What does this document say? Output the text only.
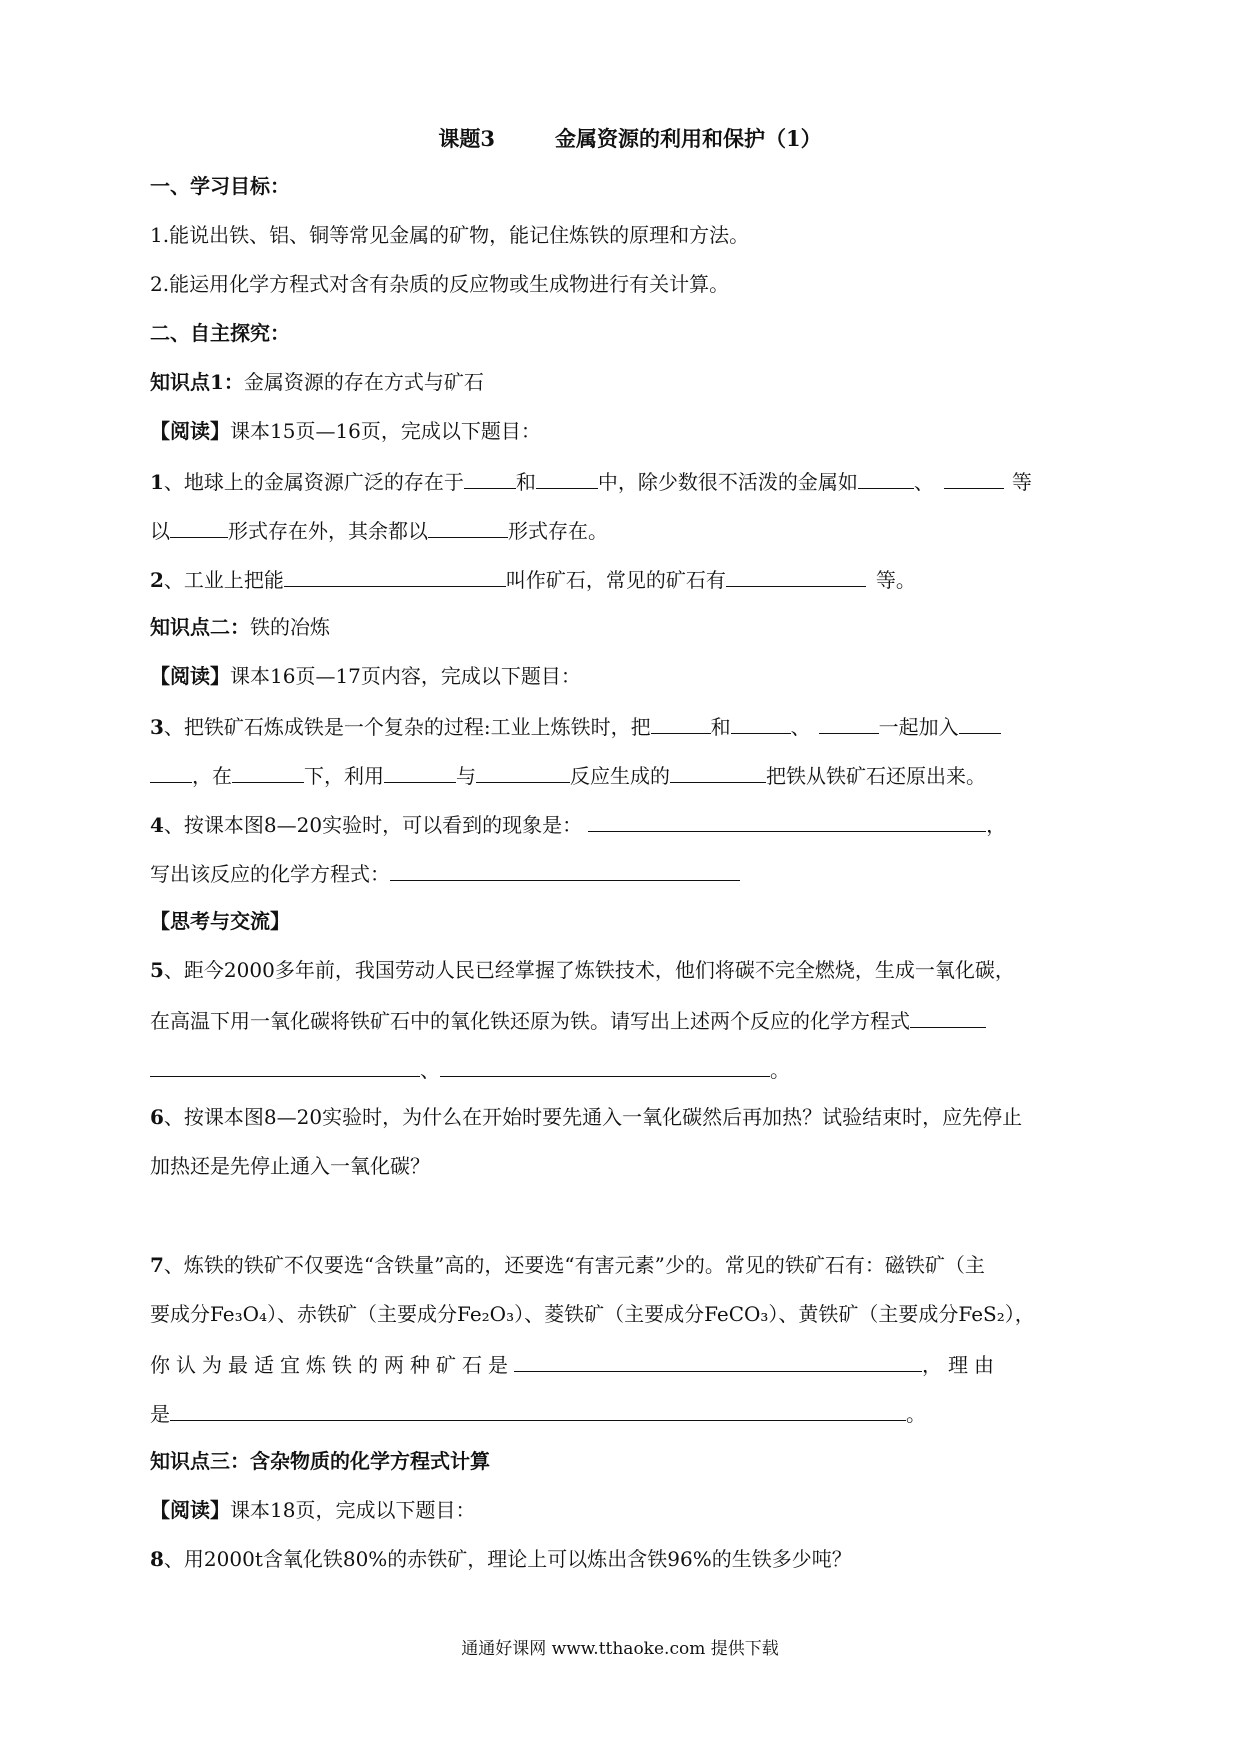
课题3	金属资源的利用和保护（1）
一、学习目标：
1.能说出铁、铝、铜等常见金属的矿物，能记住炼铁的原理和方法。
2.能运用化学方程式对含有杂质的反应物或生成物进行有关计算。
二、自主探究：
知识点1：金属资源的存在方式与矿石
【阅读】课本15页—16页，完成以下题目：
1、地球上的金属资源广泛的存在于	和	中，除少数很不活泼的金属如	、	等
以	形式存在外，其余都以	形式存在。
2、工业上把能	叫作矿石，常见的矿石有	等。
知识点二：铁的冶炼
【阅读】课本16页—17页内容，完成以下题目：
3、把铁矿石炼成铁是一个复杂的过程:工业上炼铁时，把	和	、	一起加入
，在	下，利用	与	反应生成的	把铁从铁矿石还原出来。
4、按课本图8—20实验时，可以看到的现象是：	，
写出该反应的化学方程式：
【思考与交流】
5、距今2000多年前，我国劳动人民已经掌握了炼铁技术，他们将碳不完全燃烧，生成一氧化碳，
在高温下用一氧化碳将铁矿石中的氧化铁还原为铁。请写出上述两个反应的化学方程式
、	。
6、按课本图8—20实验时，为什么在开始时要先通入一氧化碳然后再加热？试验结束时，应先停止
加热还是先停止通入一氧化碳？
7、炼铁的铁矿不仅要选“含铁量”高的，还要选“有害元素”少的。常见的铁矿石有：磁铁矿（主
要成分Fe₃O₄）、赤铁矿（主要成分Fe₂O₃）、菱铁矿（主要成分FeCO₃）、黄铁矿（主要成分FeS₂），
你认为最适宜炼铁的两种矿石是	，理由
是	。
知识点三：含杂物质的化学方程式计算
【阅读】课本18页，完成以下题目：
8、用2000t含氧化铁80%的赤铁矿，理论上可以炼出含铁96%的生铁多少吨？
通通好课网 www.tthaoke.com 提供下载
